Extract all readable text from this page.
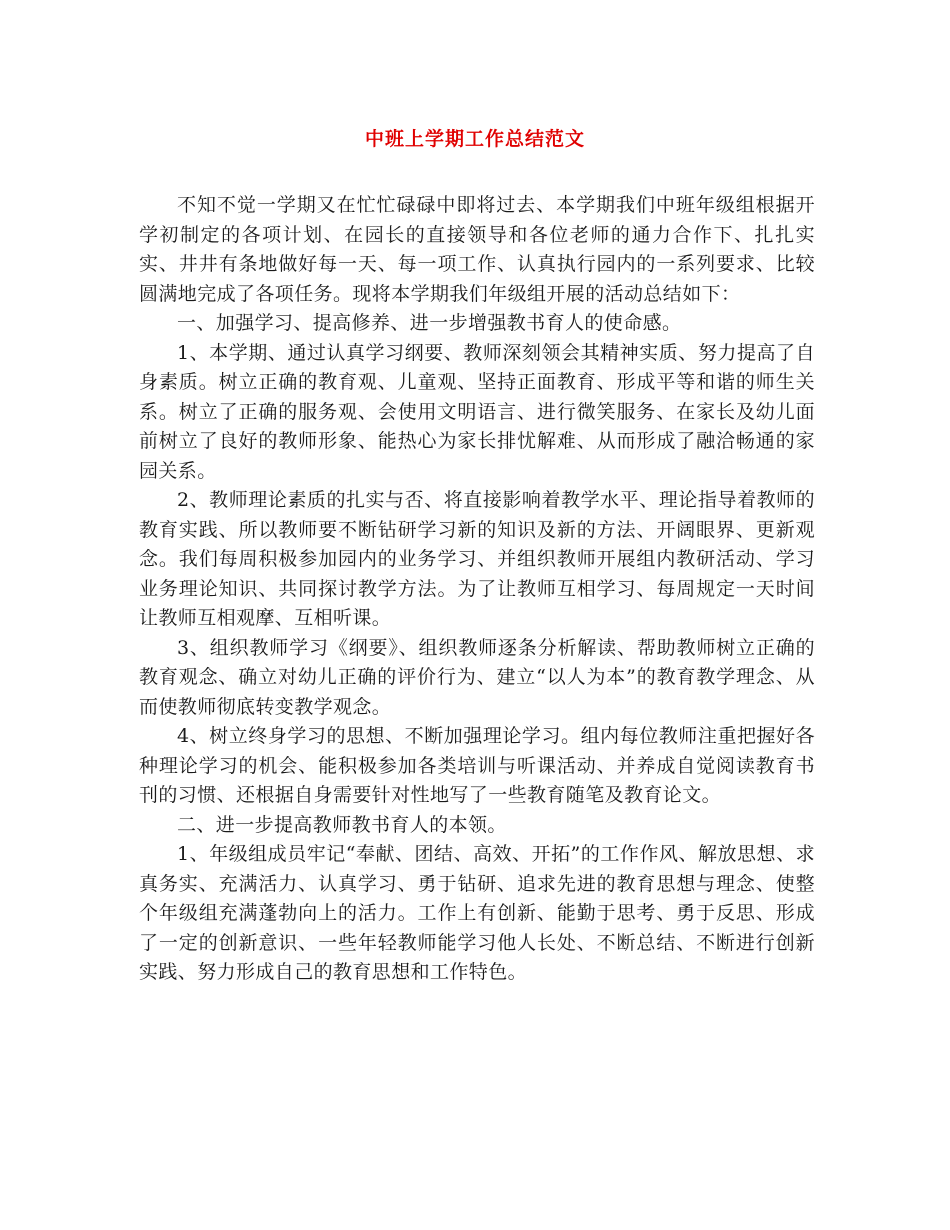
中班上学期工作总结范文

不知不觉一学期又在忙忙碌碌中即将过去、本学期我们中班年级组根据开学初制定的各项计划、在园长的直接领导和各位老师的通力合作下、扎扎实实、井井有条地做好每一天、每一项工作、认真执行园内的一系列要求、比较圆满地完成了各项任务。现将本学期我们年级组开展的活动总结如下：

一、加强学习、提高修养、进一步增强教书育人的使命感。

1、本学期、通过认真学习纲要、教师深刻领会其精神实质、努力提高了自身素质。树立正确的教育观、儿童观、坚持正面教育、形成平等和谐的师生关系。树立了正确的服务观、会使用文明语言、进行微笑服务、在家长及幼儿面前树立了良好的教师形象、能热心为家长排忧解难、从而形成了融洽畅通的家园关系。

2、教师理论素质的扎实与否、将直接影响着教学水平、理论指导着教师的教育实践、所以教师要不断钻研学习新的知识及新的方法、开阔眼界、更新观念。我们每周积极参加园内的业务学习、并组织教师开展组内教研活动、学习业务理论知识、共同探讨教学方法。为了让教师互相学习、每周规定一天时间让教师互相观摩、互相听课。

3、组织教师学习《纲要》、组织教师逐条分析解读、帮助教师树立正确的教育观念、确立对幼儿正确的评价行为、建立“以人为本”的教育教学理念、从而使教师彻底转变教学观念。

4、树立终身学习的思想、不断加强理论学习。组内每位教师注重把握好各种理论学习的机会、能积极参加各类培训与听课活动、并养成自觉阅读教育书刊的习惯、还根据自身需要针对性地写了一些教育随笔及教育论文。

二、进一步提高教师教书育人的本领。

1、年级组成员牢记“奉献、团结、高效、开拓”的工作作风、解放思想、求真务实、充满活力、认真学习、勇于钻研、追求先进的教育思想与理念、使整个年级组充满蓬勃向上的活力。工作上有创新、能勤于思考、勇于反思、形成了一定的创新意识、一些年轻教师能学习他人长处、不断总结、不断进行创新实践、努力形成自己的教育思想和工作特色。
